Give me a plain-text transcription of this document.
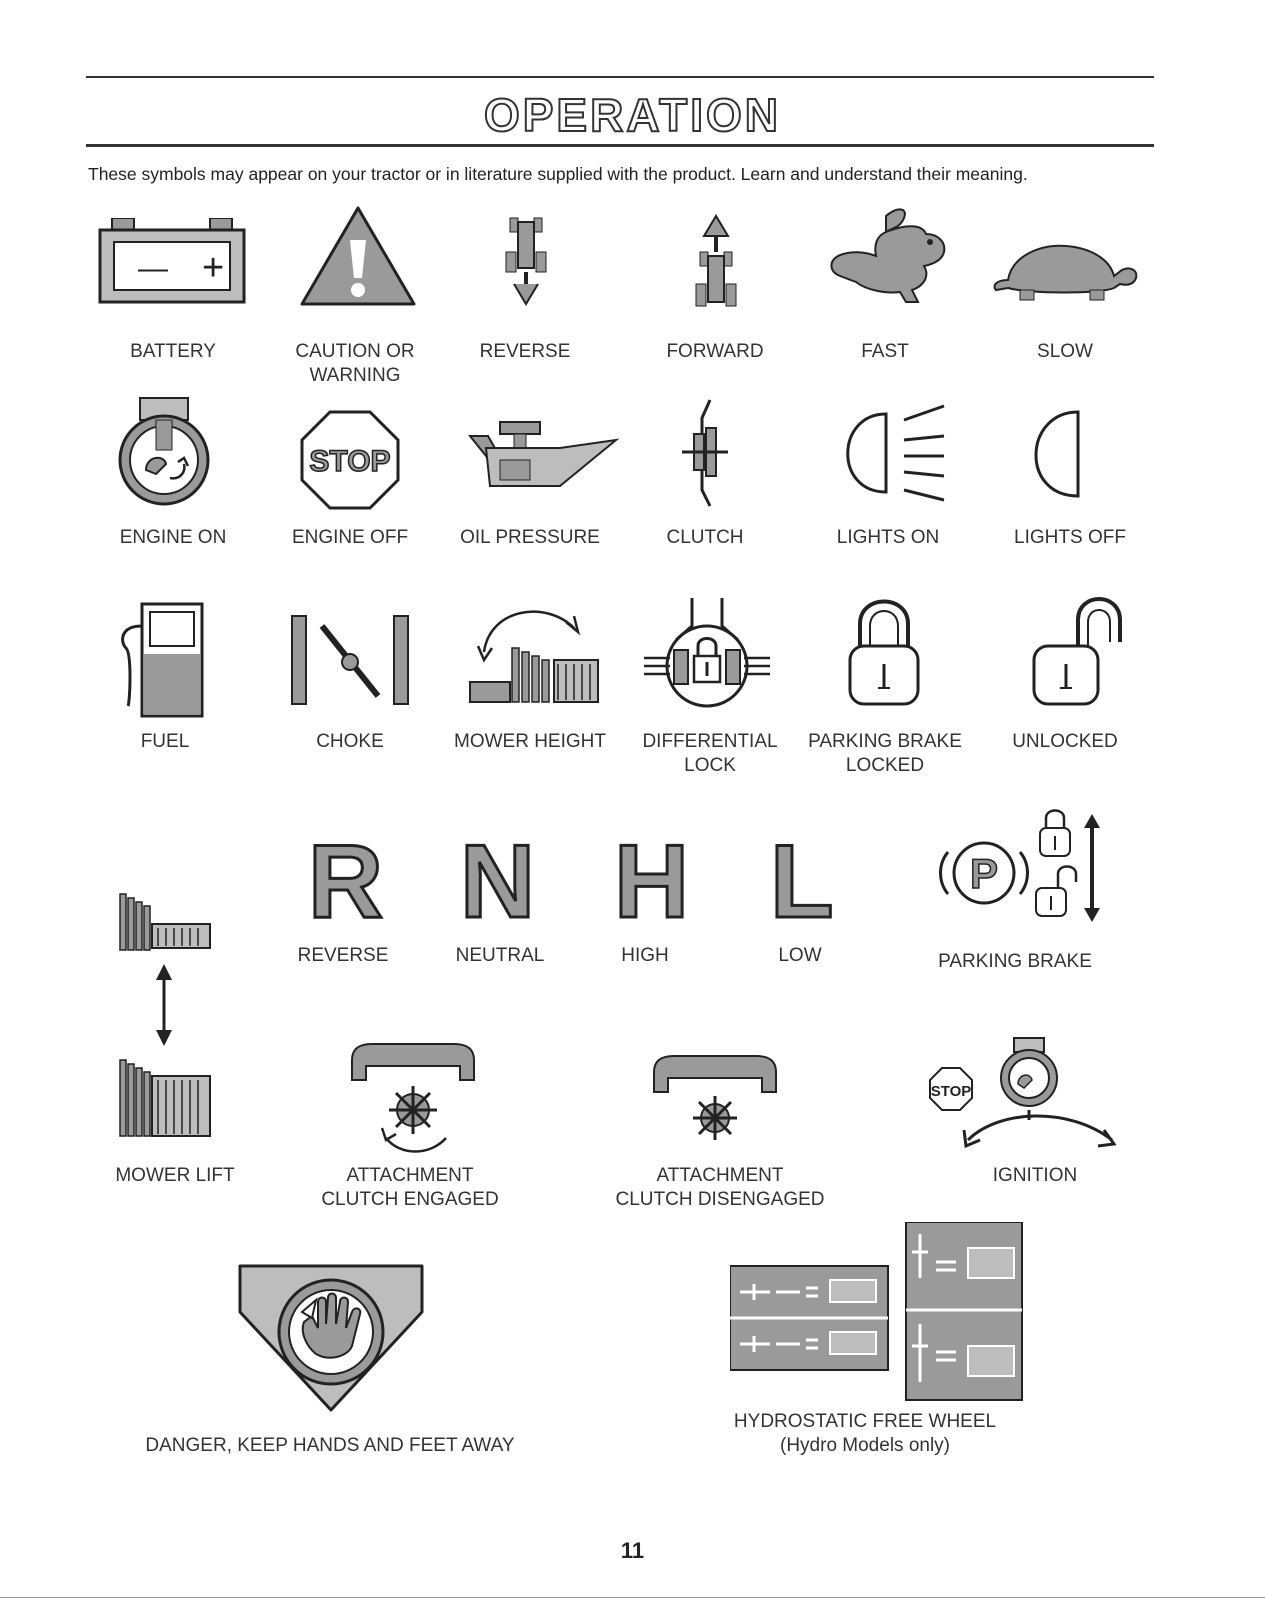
OPERATION
These symbols may appear on your tractor or in literature supplied with the product. Learn and understand their meaning.
— +
BATTERY	CAUTION OR
WARNING
REVERSE	FORWARD	FAST	SLOW
ENGINE ON
STOP
ENGINE OFF	OIL PRESSURE	CLUTCH	LIGHTS ON	LIGHTS OFF
FUEL	CHOKE	MOWER HEIGHT	DIFFERENTIAL
LOCK
PARKING BRAKE
LOCKED
UNLOCKED
R
REVERSE
N
NEUTRAL
H
HIGH
L
LOW
P
PARKING BRAKE
MOWER LIFT	ATTACHMENT
CLUTCH ENGAGED
ATTACHMENT
CLUTCH DISENGAGED
STOP
IGNITION
DANGER, KEEP HANDS AND FEET AWAY
HYDROSTATIC FREE WHEEL
(Hydro Models only)
11
